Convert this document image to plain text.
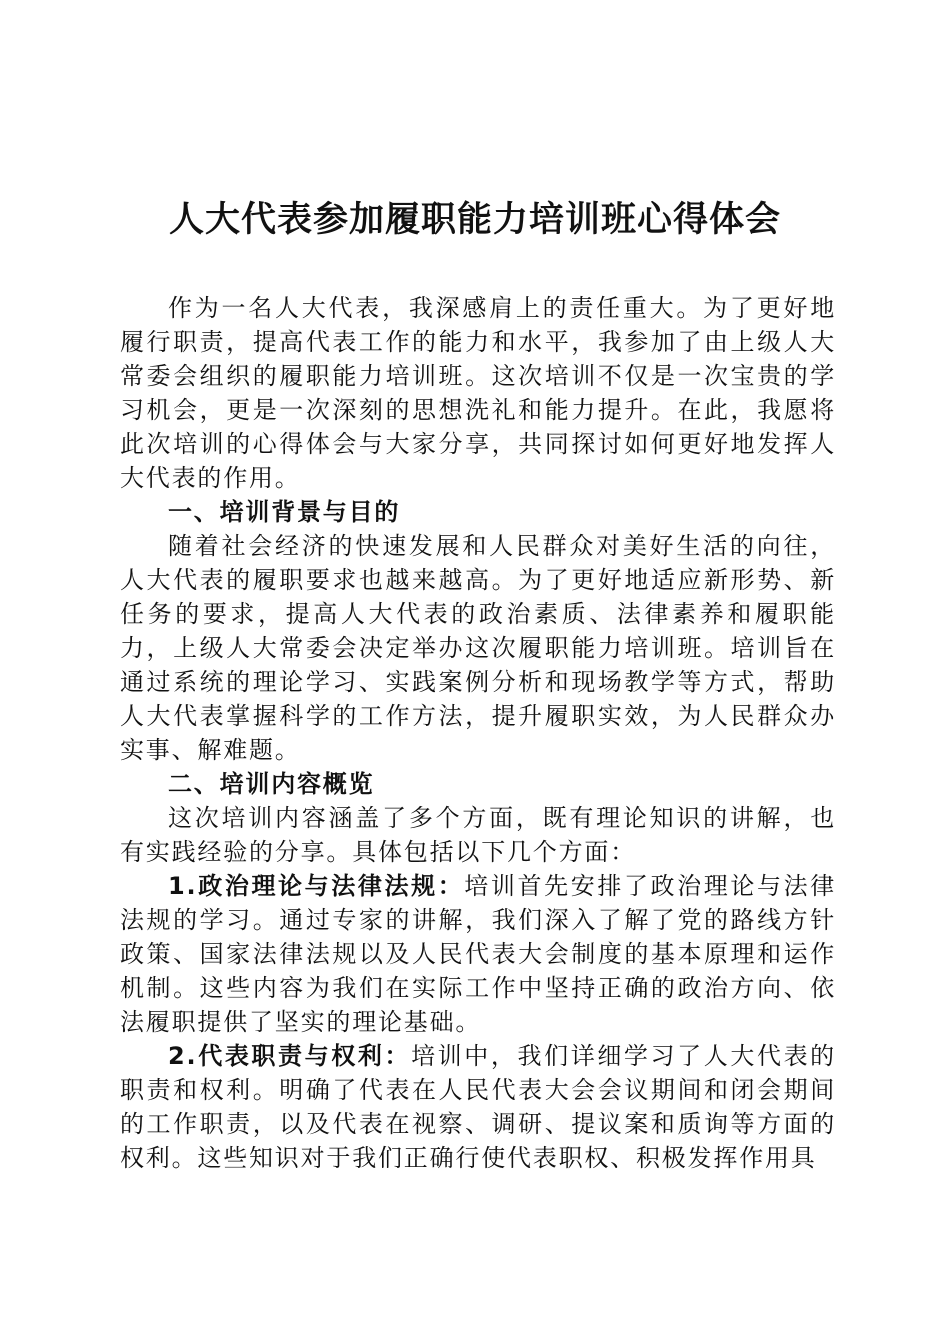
人大代表参加履职能力培训班心得体会

作为一名人大代表，我深感肩上的责任重大。为了更好地履行职责，提高代表工作的能力和水平，我参加了由上级人大常委会组织的履职能力培训班。这次培训不仅是一次宝贵的学习机会，更是一次深刻的思想洗礼和能力提升。在此，我愿将此次培训的心得体会与大家分享，共同探讨如何更好地发挥人大代表的作用。

一、培训背景与目的

随着社会经济的快速发展和人民群众对美好生活的向往，人大代表的履职要求也越来越高。为了更好地适应新形势、新任务的要求，提高人大代表的政治素质、法律素养和履职能力，上级人大常委会决定举办这次履职能力培训班。培训旨在通过系统的理论学习、实践案例分析和现场教学等方式，帮助人大代表掌握科学的工作方法，提升履职实效，为人民群众办实事、解难题。

二、培训内容概览

这次培训内容涵盖了多个方面，既有理论知识的讲解，也有实践经验的分享。具体包括以下几个方面：

1.政治理论与法律法规：培训首先安排了政治理论与法律法规的学习。通过专家的讲解，我们深入了解了党的路线方针政策、国家法律法规以及人民代表大会制度的基本原理和运作机制。这些内容为我们在实际工作中坚持正确的政治方向、依法履职提供了坚实的理论基础。

2.代表职责与权利：培训中，我们详细学习了人大代表的职责和权利。明确了代表在人民代表大会会议期间和闭会期间的工作职责，以及代表在视察、调研、提议案和质询等方面的权利。这些知识对于我们正确行使代表职权、积极发挥作用具
